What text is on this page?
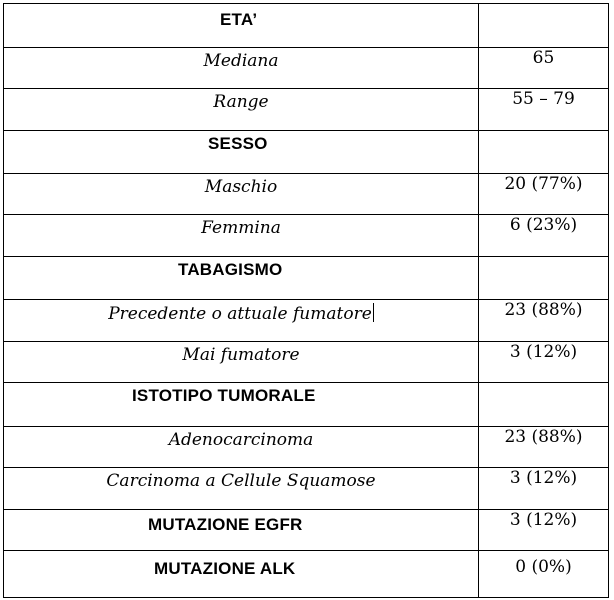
ETA’	

Mediana	65
Range	55 – 79

SESSO	

Maschio	20 (77%)
Femmina	6 (23%)

TABAGISMO	

Precedente o attuale fumatore	23 (88%)
Mai fumatore	3 (12%)

ISTOTIPO TUMORALE	

Adenocarcinoma	23 (88%)
Carcinoma a Cellule Squamose	3 (12%)

MUTAZIONE EGFR	3 (12%)

MUTAZIONE ALK	0 (0%)
